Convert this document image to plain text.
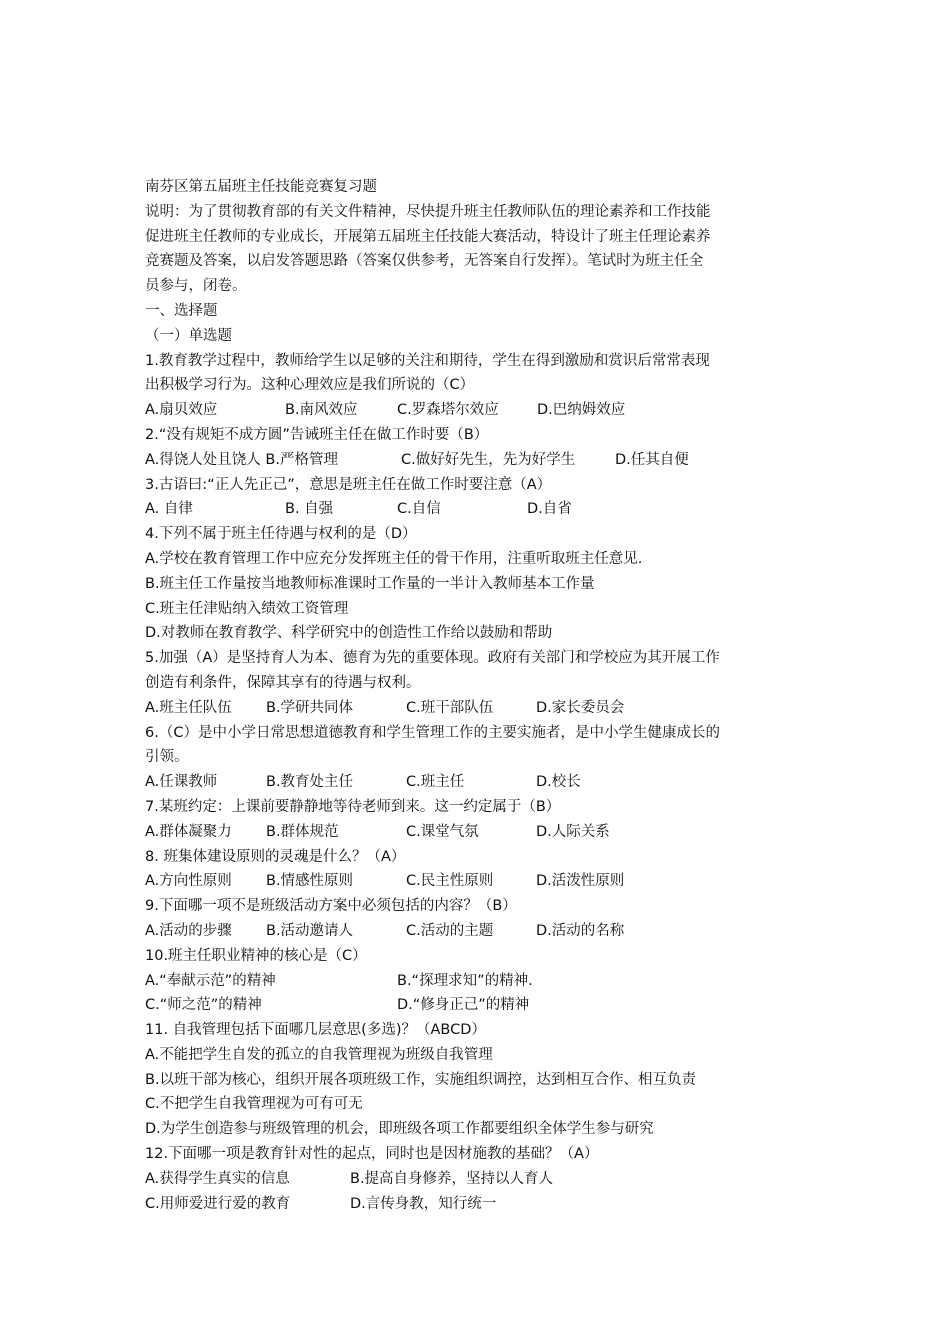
南芬区第五届班主任技能竞赛复习题
说明：为了贯彻教育部的有关文件精神，尽快提升班主任教师队伍的理论素养和工作技能
促进班主任教师的专业成长，开展第五届班主任技能大赛活动，特设计了班主任理论素养
竞赛题及答案，以启发答题思路（答案仅供参考，无答案自行发挥）。笔试时为班主任全
员参与，闭卷。
一、选择题
（一）单选题
1.教育教学过程中，教师给学生以足够的关注和期待，学生在得到激励和赏识后常常表现
出积极学习行为。这种心理效应是我们所说的（C）
A.扇贝效应	B.南风效应	C.罗森塔尔效应	D.巴纳姆效应
2.“没有规矩不成方圆”告诫班主任在做工作时要（B）
A.得饶人处且饶人 B.严格管理	C.做好好先生，先为好学生	D.任其自便
3.古语曰:“正人先正己”，意思是班主任在做工作时要注意（A）
A. 自律	B. 自强	C.自信	D.自省
4.下列不属于班主任待遇与权利的是（D）
A.学校在教育管理工作中应充分发挥班主任的骨干作用，注重听取班主任意见.
B.班主任工作量按当地教师标准课时工作量的一半计入教师基本工作量
C.班主任津贴纳入绩效工资管理
D.对教师在教育教学、科学研究中的创造性工作给以鼓励和帮助
5.加强（A）是坚持育人为本、德育为先的重要体现。政府有关部门和学校应为其开展工作
创造有利条件，保障其享有的待遇与权利。
A.班主任队伍 B.学研共同体	C.班干部队伍	D.家长委员会
6.（C）是中小学日常思想道德教育和学生管理工作的主要实施者，是中小学生健康成长的
引领。
A.任课教师	B.教育处主任	C.班主任	D.校长
7.某班约定：上课前要静静地等待老师到来。这一约定属于（B）
A.群体凝聚力 B.群体规范	C.课堂气氛	D.人际关系
8. 班集体建设原则的灵魂是什么？（A）
A.方向性原则 B.情感性原则	C.民主性原则	D.活泼性原则
9.下面哪一项不是班级活动方案中必须包括的内容？（B）
A.活动的步骤 B.活动邀请人	C.活动的主题	D.活动的名称
10.班主任职业精神的核心是（C）
A.“奉献示范”的精神	B.“探理求知”的精神.
C.“师之范”的精神	D.“修身正己”的精神
11. 自我管理包括下面哪几层意思(多选)？（ABCD）
A.不能把学生自发的孤立的自我管理视为班级自我管理
B.以班干部为核心，组织开展各项班级工作，实施组织调控，达到相互合作、相互负责
C.不把学生自我管理视为可有可无
D.为学生创造参与班级管理的机会，即班级各项工作都要组织全体学生参与研究
12.下面哪一项是教育针对性的起点，同时也是因材施教的基础？（A）
A.获得学生真实的信息	B.提高自身修养，坚持以人育人
C.用师爱进行爱的教育	D.言传身教，知行统一
